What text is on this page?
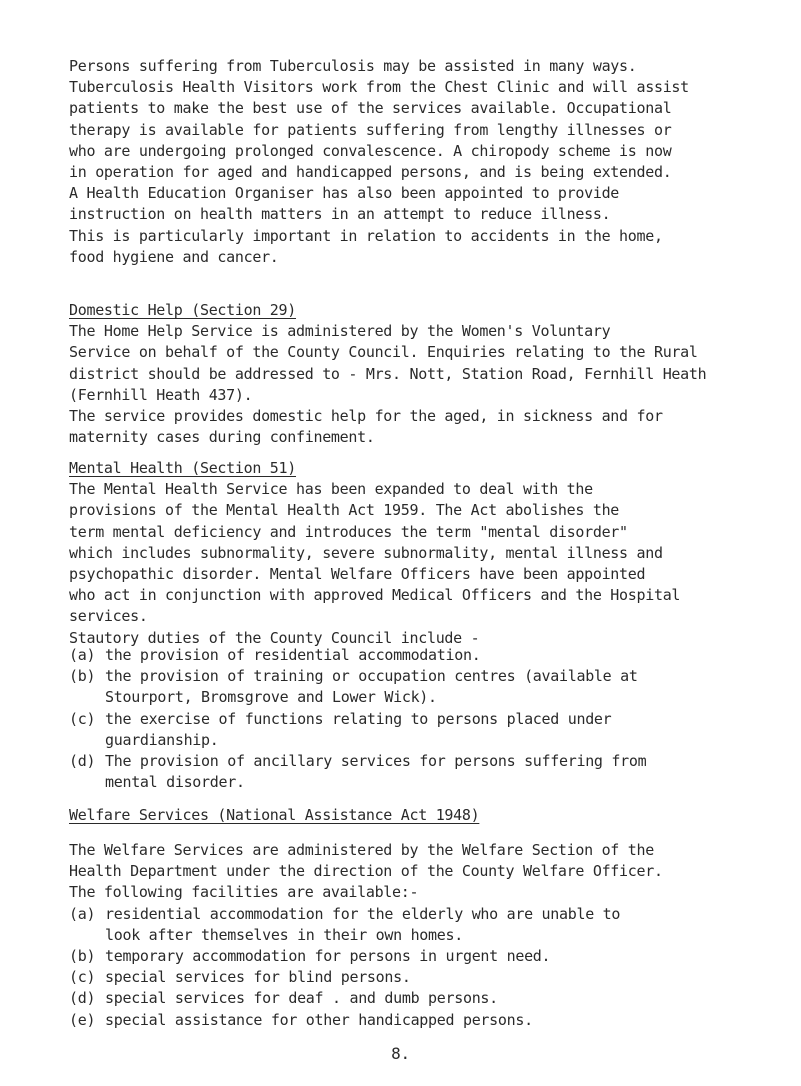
Persons suffering from Tuberculosis may be assisted in many ways.
Tuberculosis Health Visitors work from the Chest Clinic and will assist
patients to make the best use of the services available. Occupational
therapy is available for patients suffering from lengthy illnesses or
who are undergoing prolonged convalescence. A chiropody scheme is now
in operation for aged and handicapped persons, and is being extended.
A Health Education Organiser has also been appointed to provide
instruction on health matters in an attempt to reduce illness.
This is particularly important in relation to accidents in the home,
food hygiene and cancer.
Domestic Help (Section 29)
The Home Help Service is administered by the Women's Voluntary
Service on behalf of the County Council. Enquiries relating to the Rural
district should be addressed to - Mrs. Nott, Station Road, Fernhill Heath
(Fernhill Heath 437).
The service provides domestic help for the aged, in sickness and for
maternity cases during confinement.
Mental Health (Section 51)
The Mental Health Service has been expanded to deal with the
provisions of the Mental Health Act 1959. The Act abolishes the
term mental deficiency and introduces the term "mental disorder"
which includes subnormality, severe subnormality, mental illness and
psychopathic disorder. Mental Welfare Officers have been appointed
who act in conjunction with approved Medical Officers and the Hospital
services.
Stautory duties of the County Council include -
(a) the provision of residential accommodation.
(b) the provision of training or occupation centres (available at
Stourport, Bromsgrove and Lower Wick).
(c) the exercise of functions relating to persons placed under
guardianship.
(d) The provision of ancillary services for persons suffering from
mental disorder.
Welfare Services (National Assistance Act 1948)
The Welfare Services are administered by the Welfare Section of the
Health Department under the direction of the County Welfare Officer.
The following facilities are available:-
(a) residential accommodation for the elderly who are unable to
look after themselves in their own homes.
(b) temporary accommodation for persons in urgent need.
(c) special services for blind persons.
(d) special services for deaf . and dumb persons.
(e) special assistance for other handicapped persons.
8.
